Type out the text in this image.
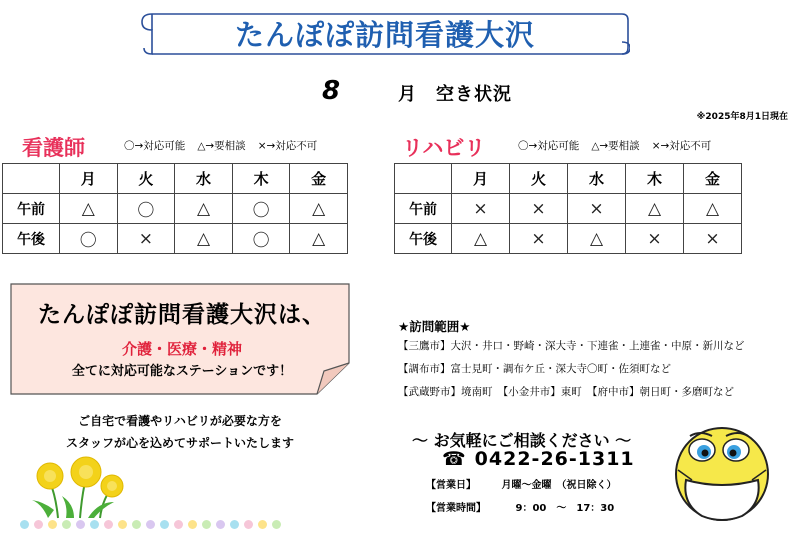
たんぽぽ訪問看護大沢
8	月　空き状況
※2025年8月1日現在
看護師	〇→対応可能 △→要相談 ×→対応不可
	月	火	水	木	金
午前	△	〇	△	〇	△
午後	〇	×	△	〇	△
リハビリ	〇→対応可能 △→要相談 ×→対応不可
	月	火	水	木	金
午前	×	×	×	△	△
午後	△	×	△	×	×
たんぽぽ訪問看護大沢は、
介護・医療・精神
全てに対応可能なステーションです！
ご自宅で看護やリハビリが必要な方を
スタッフが心を込めてサポートいたします
★訪問範囲★
【三鷹市】大沢・井口・野崎・深大寺・下連雀・上連雀・中原・新川など
【調布市】富士見町・調布ケ丘・深大寺〇町・佐須町など
【武蔵野市】境南町　【小金井市】東町　【府中市】朝日町・多磨町など
～ お気軽にご相談ください ～
☎ 0422-26-1311
【営業日】	月曜～金曜　（祝日除く）
【営業時間】	9：00　～　17：30
